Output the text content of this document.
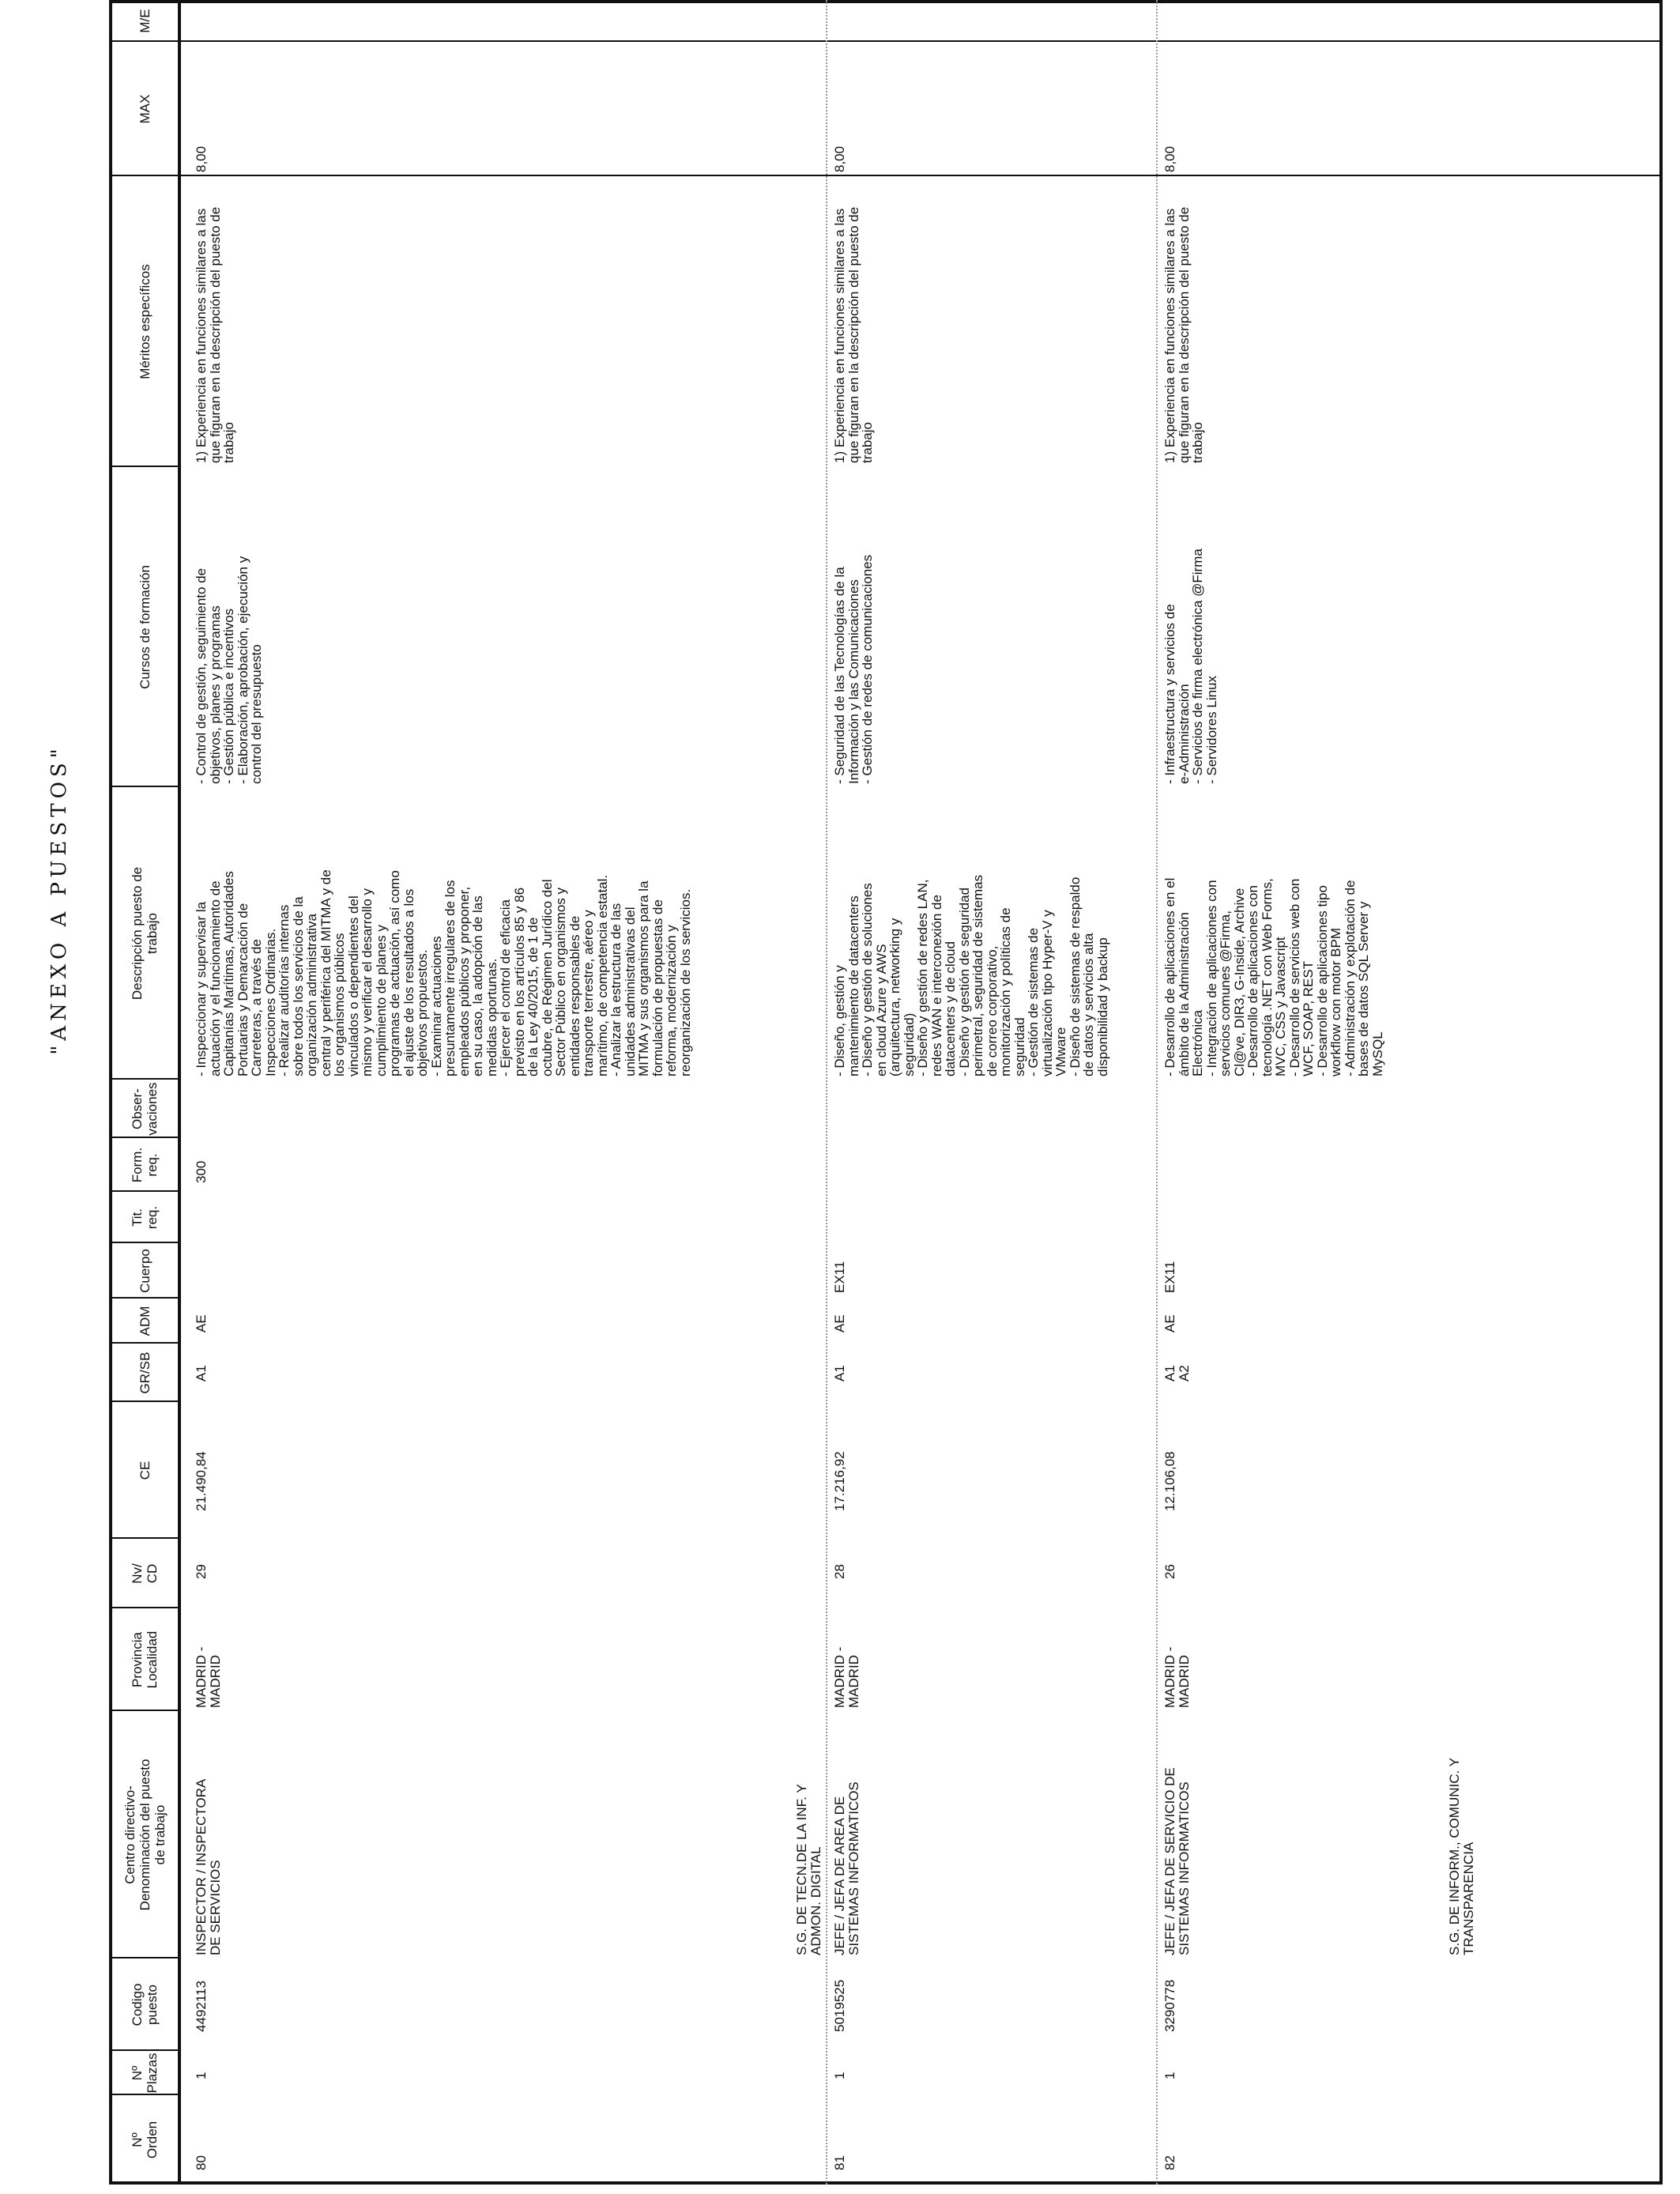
"ANEXO A PUESTOS"
Nº
Orden
Nº
Plazas
Codigo
puesto
Centro directivo-
Denominación del puesto
de trabajo
Provincia
Localidad
Nv/
CD
CE
GR/SB
ADM
Cuerpo
Tit.
req.
Form.
req.
Obser-
vaciones
Descripción puesto de
trabajo
Cursos de formación
Méritos específicos
MAX
M/E
80
1
4492113
INSPECTOR / INSPECTORA
DE SERVICIOS
MADRID -
MADRID
29
21.490,84
A1
AE
300
- Inspeccionar y supervisar la
actuación y el funcionamiento de
Capitanías Marítimas, Autoridades
Portuarias y Demarcación de
Carreteras, a través de
Inspecciones Ordinarias.
- Realizar auditorías internas
sobre todos los servicios de la
organización administrativa
central y periférica del MITMA y de
los organismos públicos
vinculados o dependientes del
mismo y verificar el desarrollo y
cumplimiento de planes y
programas de actuación, así como
el ajuste de los resultados a los
objetivos propuestos.
- Examinar actuaciones
presuntamente irregulares de los
empleados públicos y proponer,
en su caso, la adopción de las
medidas oportunas.
- Ejercer el control de eficacia
previsto en los artículos 85 y 86
de la Ley 40/2015, de 1 de
octubre, de Régimen Jurídico del
Sector Público en organismos y
entidades responsables de
transporte terrestre, aéreo y
marítimo, de competencia estatal.
- Analizar la estructura de las
unidades administrativas del
MITMA y sus organismos para la
formulación de propuestas de
reforma, modernización y
reorganización de los servicios.
- Control de gestión, seguimiento de
objetivos, planes y programas
- Gestión pública e incentivos
- Elaboración, aprobación, ejecución y
control del presupuesto
1) Experiencia en funciones similares a las
que figuran en la descripción del puesto de
trabajo
8,00
S.G. DE TECN.DE LA INF. Y
ADMON. DIGITAL
81
1
5019525
JEFE / JEFA DE AREA DE
SISTEMAS INFORMATICOS
MADRID -
MADRID
28
17.216,92
A1
AE
EX11
- Diseño, gestión y
mantenimiento de datacenters
- Diseño y gestión de soluciones
en cloud Azure y AWS
(arquitectura, networking y
seguridad)
- Diseño y gestión de redes LAN,
redes WAN e interconexión de
datacenters y de cloud
- Diseño y gestión de seguridad
perimetral, seguridad de sistemas
de correo corporativo,
monitorización y políticas de
seguridad
- Gestión de sistemas de
virtualización tipo Hyper-V y
VMware
- Diseño de sistemas de respaldo
de datos y servicios alta
disponibilidad y backup
- Seguridad de las Tecnologías de la
Información y las Comunicaciones
- Gestión de redes de comunicaciones
1) Experiencia en funciones similares a las
que figuran en la descripción del puesto de
trabajo
8,00
82
1
3290778
JEFE / JEFA DE SERVICIO DE
SISTEMAS INFORMATICOS
MADRID -
MADRID
26
12.106,08
A1
A2
AE
EX11
- Desarrollo de aplicaciones en el
ámbito de la Administración
Electrónica
- Integración de aplicaciones con
servicios comunes @Firma,
Cl@ve, DIR3, G-Inside, Archive
- Desarrollo de aplicaciones con
tecnología .NET con Web Forms,
MVC, CSS y Javascript
- Desarrollo de servicios web con
WCF, SOAP, REST
- Desarrollo de aplicaciones tipo
workflow con motor BPM
- Administración y explotación de
bases de datos SQL Server y
MySQL
- Infraestructura y servicios de
e-Administración
- Servicios de firma electrónica @Firma
- Servidores Linux
1) Experiencia en funciones similares a las
que figuran en la descripción del puesto de
trabajo
8,00
S.G. DE INFORM., COMUNIC. Y
TRANSPARENCIA
